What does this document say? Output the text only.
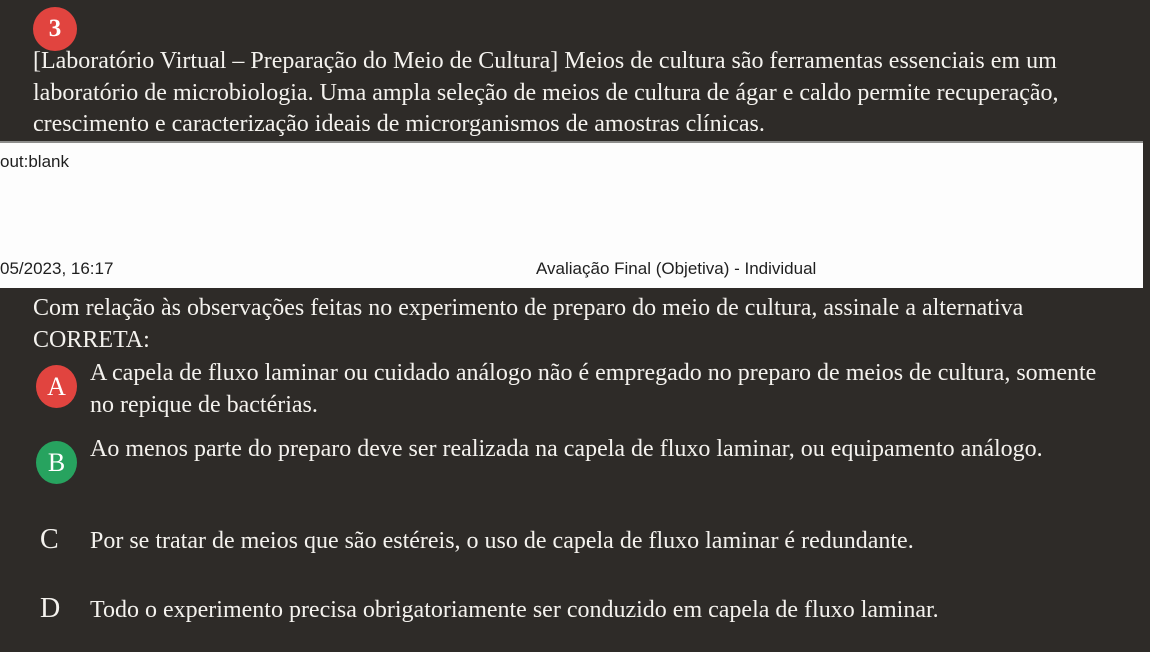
3
[Laboratório Virtual – Preparação do Meio de Cultura] Meios de cultura são ferramentas essenciais em um laboratório de microbiologia. Uma ampla seleção de meios de cultura de ágar e caldo permite recuperação, crescimento e caracterização ideais de microrganismos de amostras clínicas.
out:blank
05/2023, 16:17	Avaliação Final (Objetiva) - Individual
Com relação às observações feitas no experimento de preparo do meio de cultura, assinale a alternativa CORRETA:
A A capela de fluxo laminar ou cuidado análogo não é empregado no preparo de meios de cultura, somente no repique de bactérias.
B Ao menos parte do preparo deve ser realizada na capela de fluxo laminar, ou equipamento análogo.
C Por se tratar de meios que são estéreis, o uso de capela de fluxo laminar é redundante.
D Todo o experimento precisa obrigatoriamente ser conduzido em capela de fluxo laminar.
